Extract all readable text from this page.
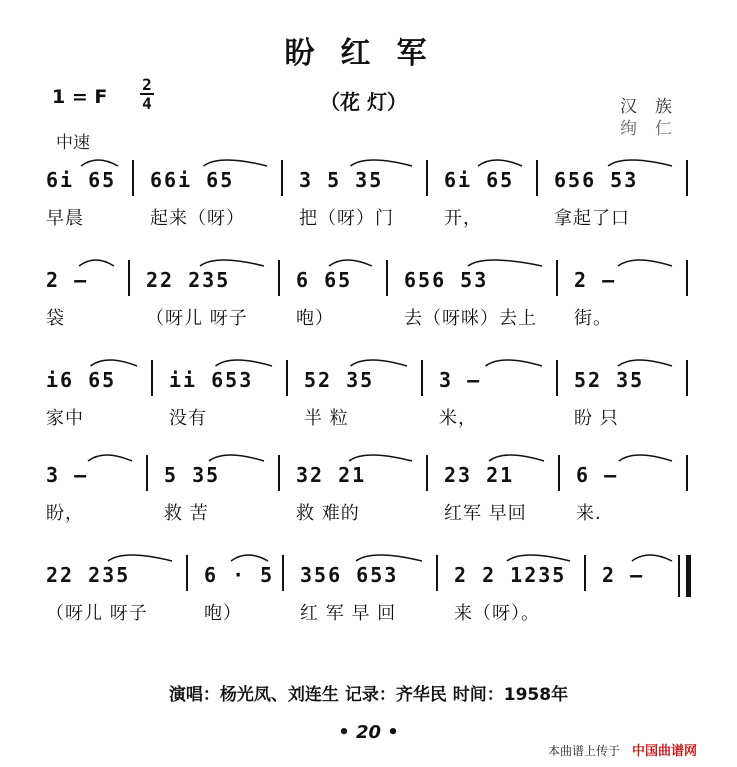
盼红军
1 = F
2
4	（花 灯）	汉族
绚仁
中速
6i 65
早晨
66i 65
起来（呀）
3 5 35
把（呀）门
6i 65
开，
656 53
拿起了口
2 —
袋
22 235
（呀儿 呀子
6 65
咆）
656 53
去（呀咪）去上
2 —
街。
i6 65
家中
ii 653
没有
52 35
半 粒
3 —
米，
52 35
盼 只
3 —
盼，
5 35
救 苦
32 21
救 难的
23 21
红军 早回
6 —
来.
22 235
（呀儿 呀子
6 · 5
咆）
356 653
红 军 早 回
2 2 1235
来（呀）。
2 —
演唱：杨光凤、刘连生 记录：齐华民 时间：1958年
• 20 •
本曲谱上传于 中国曲谱网
